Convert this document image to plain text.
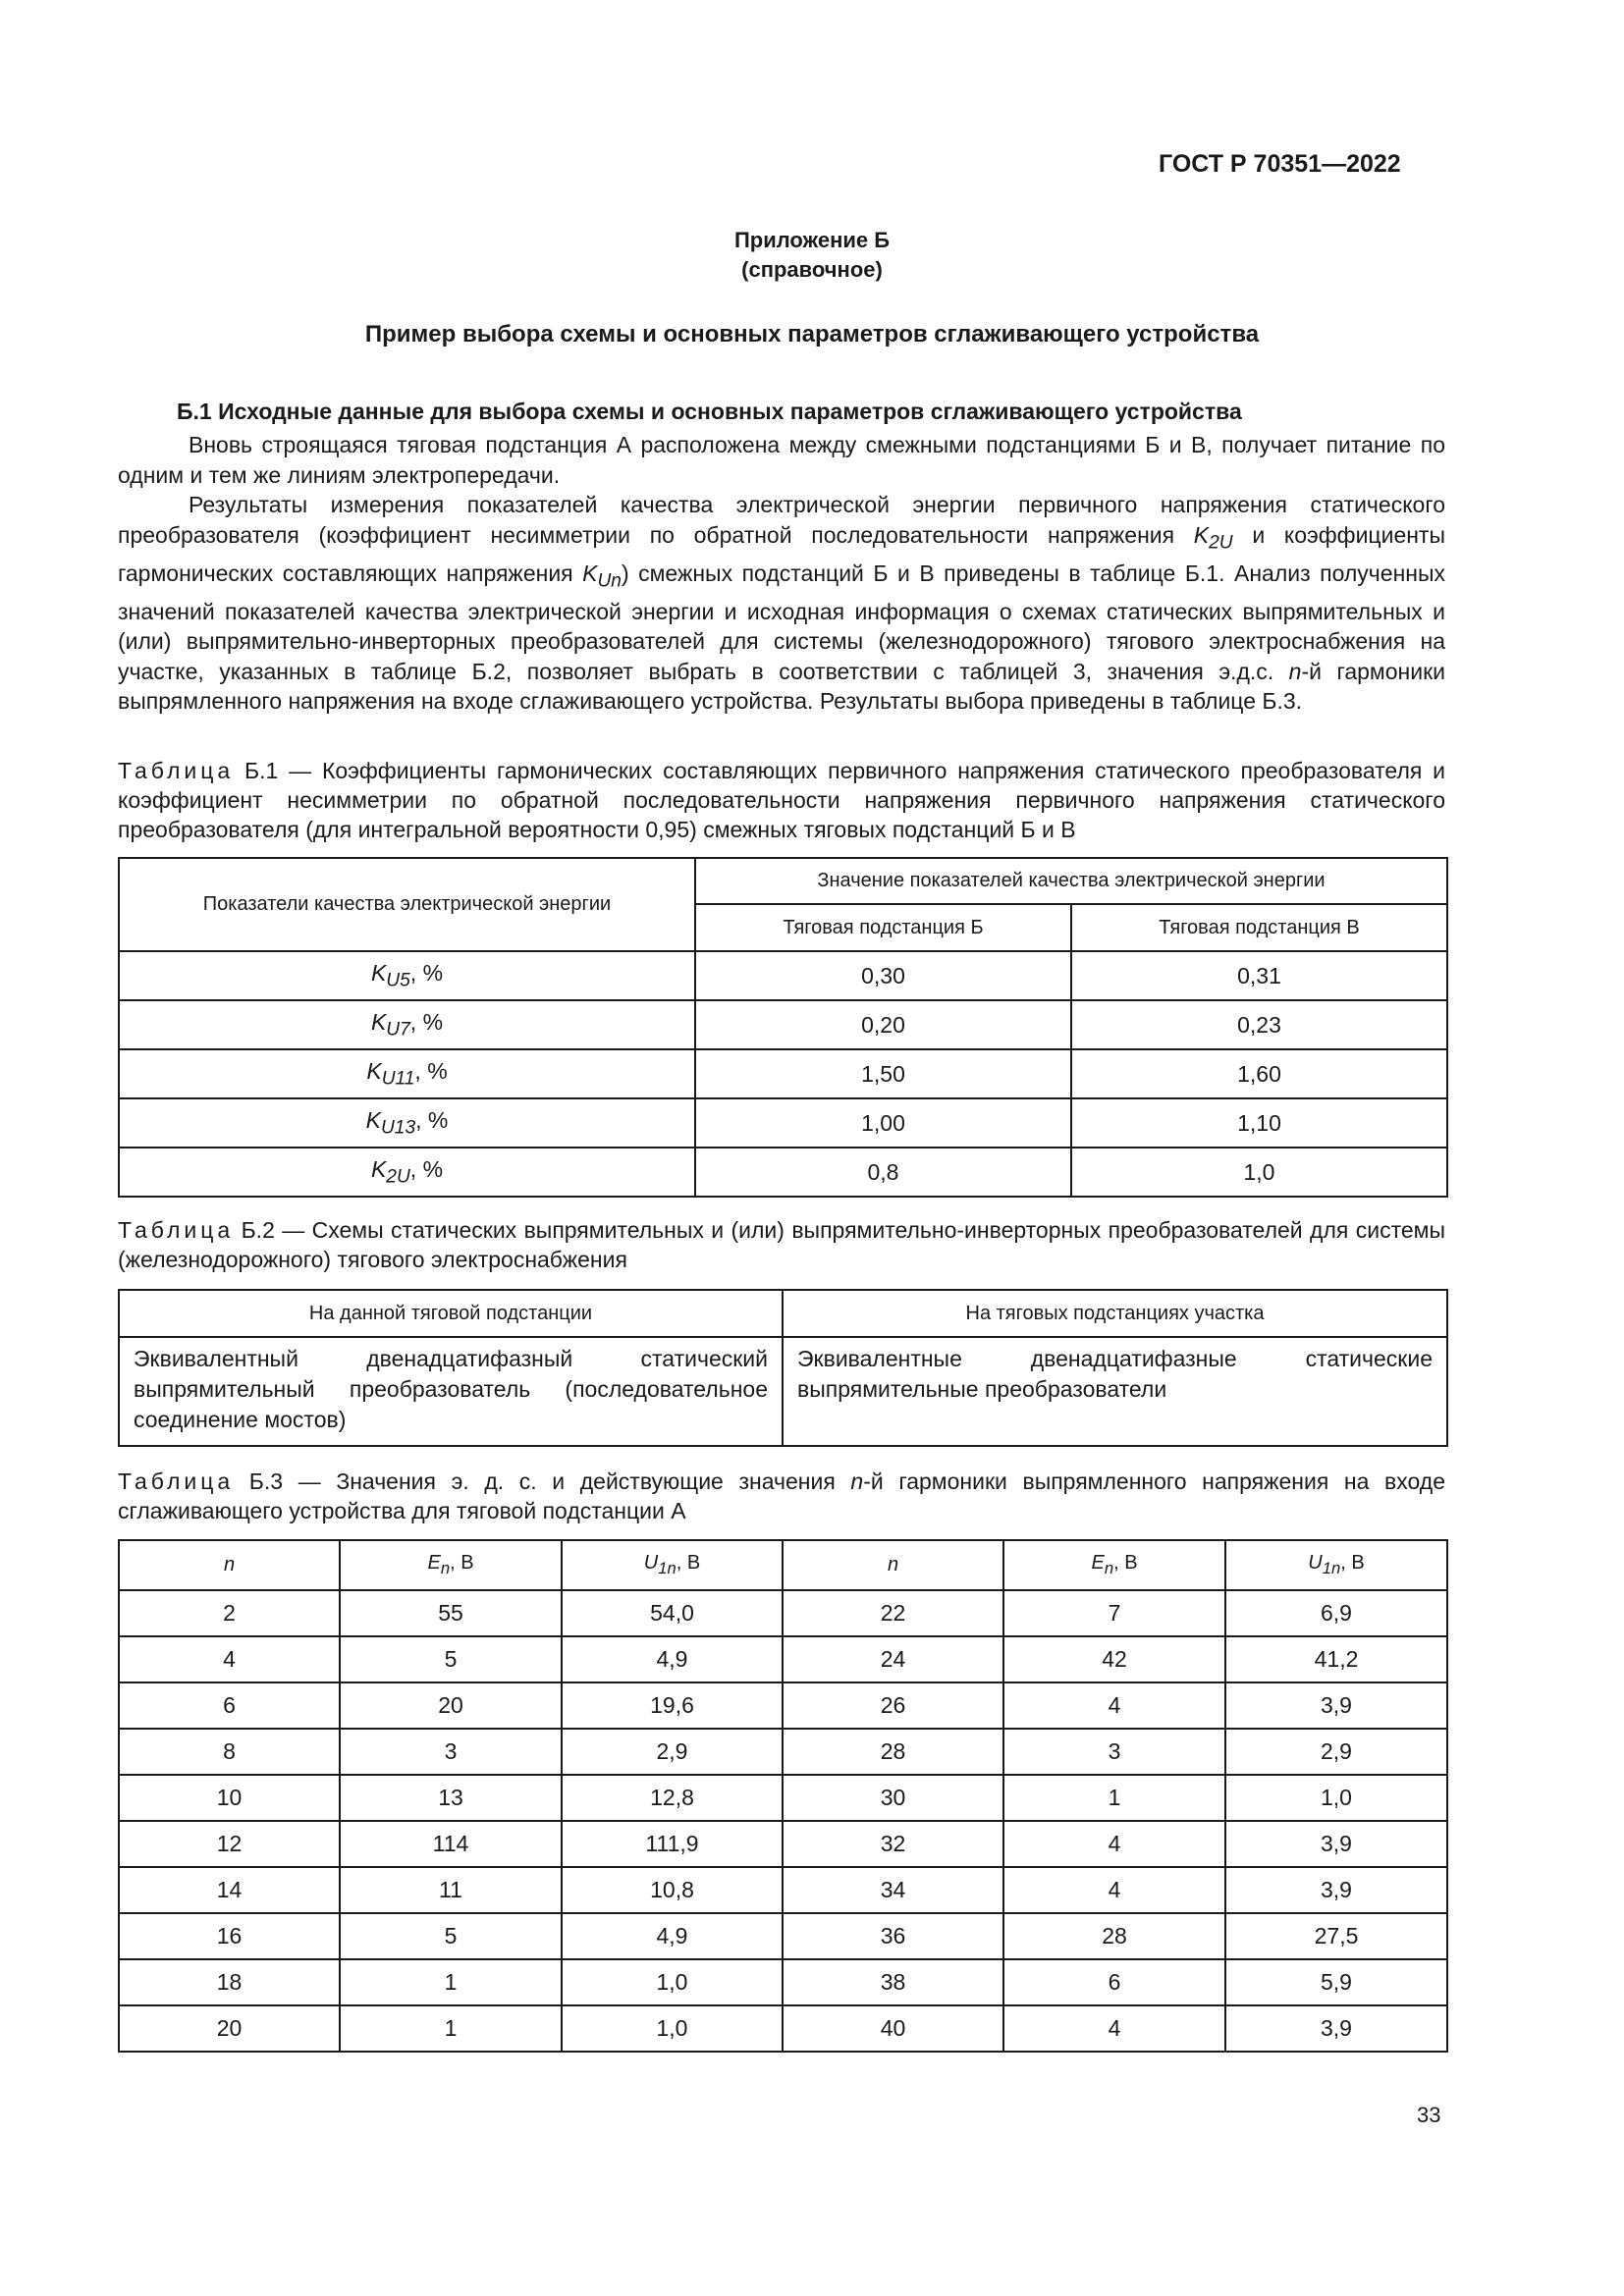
ГОСТ Р 70351—2022
Приложение Б
(справочное)
Пример выбора схемы и основных параметров сглаживающего устройства
Б.1 Исходные данные для выбора схемы и основных параметров сглаживающего устройства

Вновь строящаяся тяговая подстанция А расположена между смежными подстанциями Б и В, получает питание по одним и тем же линиям электропередачи.

Результаты измерения показателей качества электрической энергии первичного напряжения статического преобразователя (коэффициент несимметрии по обратной последовательности напряжения $K_{2U}$ и коэффициенты гармонических составляющих напряжения $K_{Un}$) смежных подстанций Б и В приведены в таблице Б.1. Анализ полученных значений показателей качества электрической энергии и исходная информация о схемах статических выпрямительных и (или) выпрямительно-инверторных преобразователей для системы (железнодорожного) тягового электроснабжения на участке, указанных в таблице Б.2, позволяет выбрать в соответствии с таблицей 3, значения э.д.с. n-й гармоники выпрямленного напряжения на входе сглаживающего устройства. Результаты выбора приведены в таблице Б.3.

Таблица Б.1 — Коэффициенты гармонических составляющих первичного напряжения статического преобразователя и коэффициент несимметрии по обратной последовательности напряжения первичного напряжения статического преобразователя (для интегральной вероятности 0,95) смежных тяговых подстанций Б и В
Показатели качества электрической энергии	Значение показателей качества электрической энергии	
	Тяговая подстанция Б	Тяговая подстанция В
$K_{U5}$, %	0,30	0,31
$K_{U7}$, %	0,20	0,23
$K_{U11}$, %	1,50	1,60
$K_{U13}$, %	1,00	1,10
$K_{2U}$, %	0,8	1,0
Таблица Б.2 — Схемы статических выпрямительных и (или) выпрямительно-инверторных преобразователей для системы (железнодорожного) тягового электроснабжения
На данной тяговой подстанции	На тяговых подстанциях участка
Эквивалентный двенадцатифазный статический выпрямительный преобразователь (последовательное соединение мостов)	Эквивалентные двенадцатифазные статические выпрямительные преобразователи
Таблица Б.3 — Значения э. д. с. и действующие значения n-й гармоники выпрямленного напряжения на входе сглаживающего устройства для тяговой подстанции А
n	$E_n$, В	$U_{1n}$, В	n	$E_n$, В	$U_{1n}$, В
2	55	54,0	22	7	6,9
4	5	4,9	24	42	41,2
6	20	19,6	26	4	3,9
8	3	2,9	28	3	2,9
10	13	12,8	30	1	1,0
12	114	111,9	32	4	3,9
14	11	10,8	34	4	3,9
16	5	4,9	36	28	27,5
18	1	1,0	38	6	5,9
20	1	1,0	40	4	3,9
33
